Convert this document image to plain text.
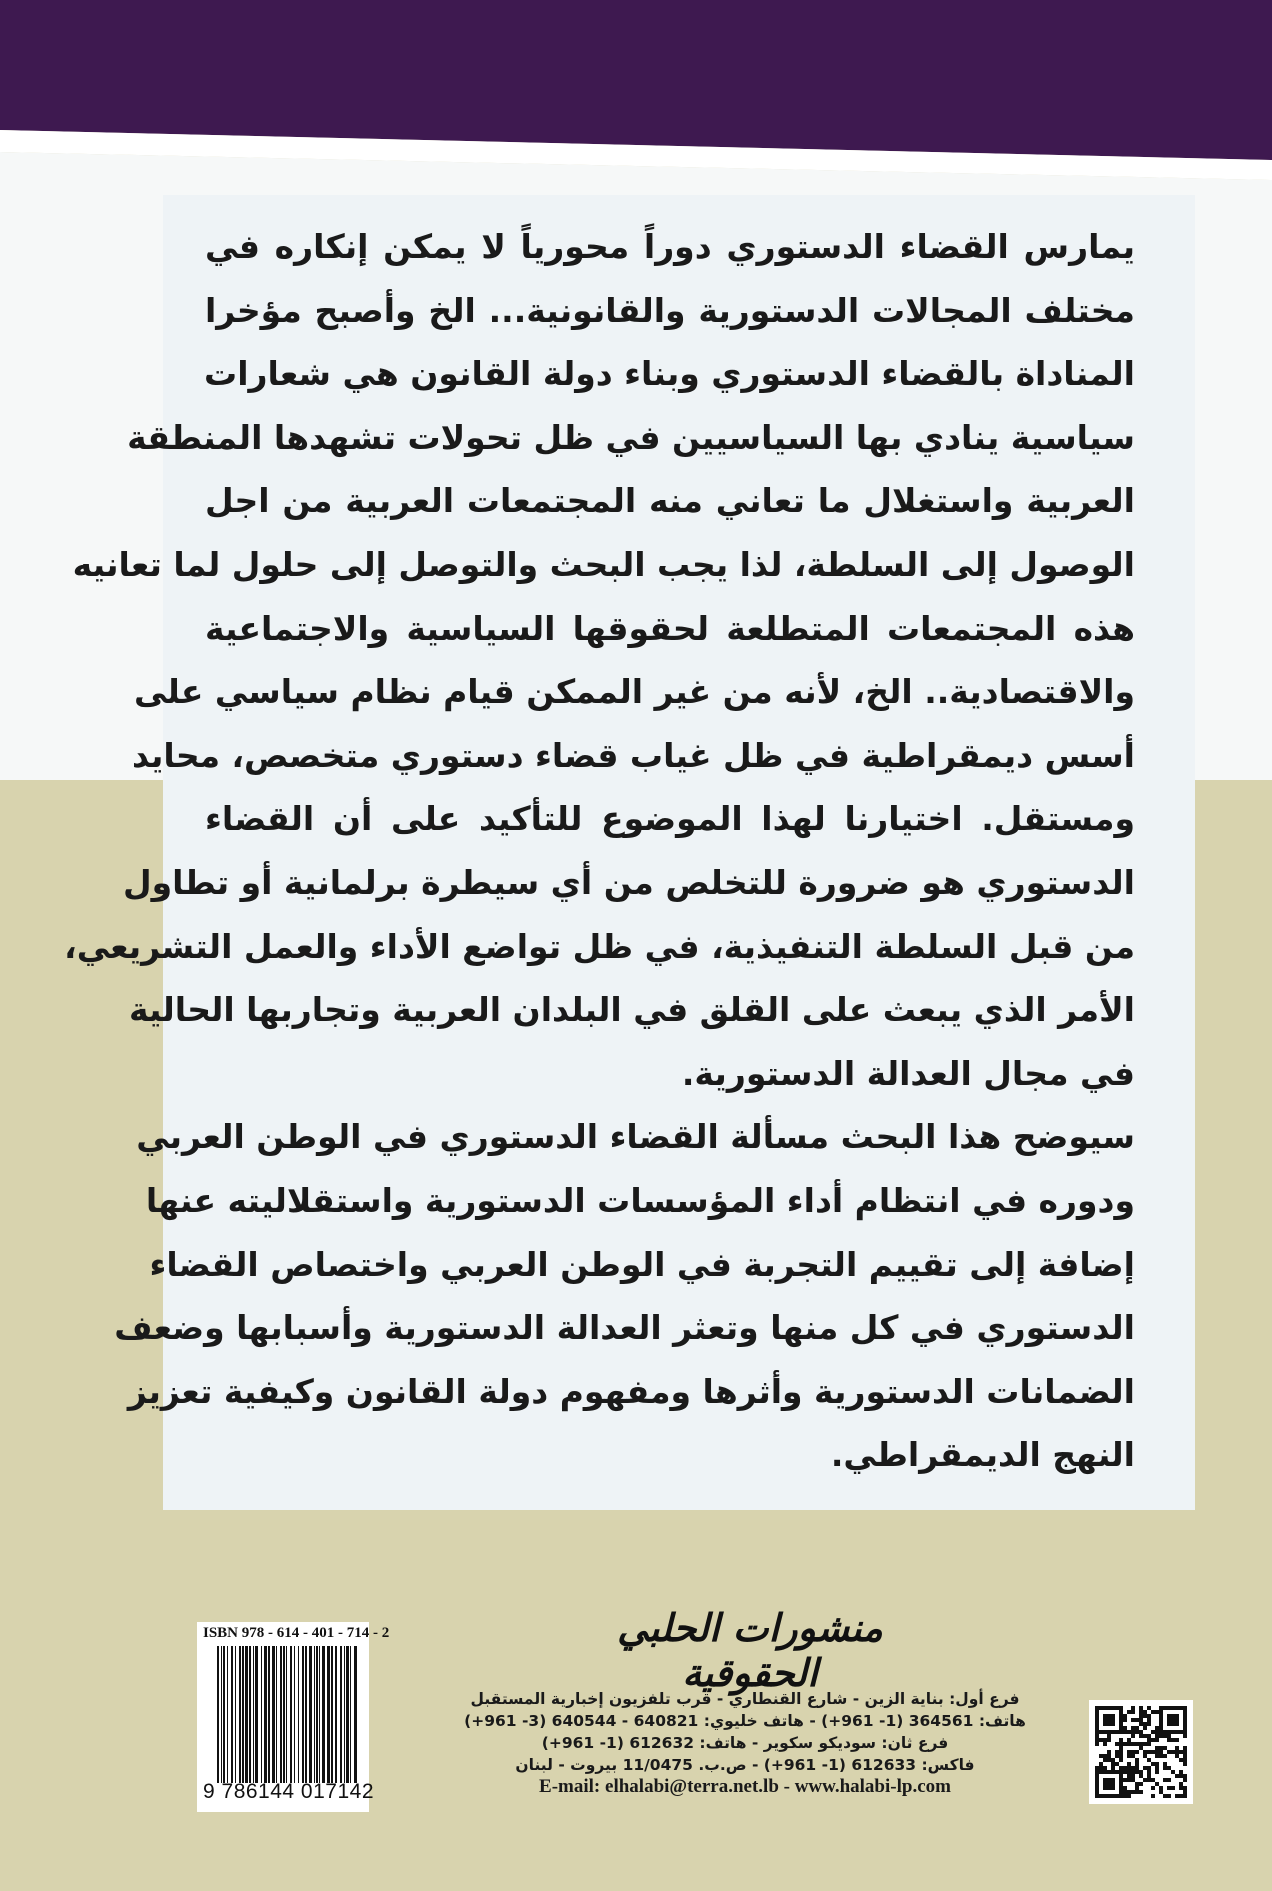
يمارس القضاء الدستوري دوراً محورياً لا يمكن إنكاره في
مختلف المجالات الدستورية والقانونية... الخ وأصبح مؤخرا
المناداة بالقضاء الدستوري وبناء دولة القانون هي شعارات
سياسية ينادي بها السياسيين في ظل تحولات تشهدها المنطقة
العربية واستغلال ما تعاني منه المجتمعات العربية من اجل
الوصول إلى السلطة، لذا يجب البحث والتوصل إلى حلول لما تعانيه
هذه المجتمعات المتطلعة لحقوقها السياسية والاجتماعية
والاقتصادية.. الخ، لأنه من غير الممكن قيام نظام سياسي على
أسس ديمقراطية في ظل غياب قضاء دستوري متخصص، محايد
ومستقل. اختيارنا لهذا الموضوع للتأكيد على أن القضاء
الدستوري هو ضرورة للتخلص من أي سيطرة برلمانية أو تطاول
من قبل السلطة التنفيذية، في ظل تواضع الأداء والعمل التشريعي،
الأمر الذي يبعث على القلق في البلدان العربية وتجاربها الحالية
في مجال العدالة الدستورية.
سيوضح هذا البحث مسألة القضاء الدستوري في الوطن العربي
ودوره في انتظام أداء المؤسسات الدستورية واستقلاليته عنها
إضافة إلى تقييم التجربة في الوطن العربي واختصاص القضاء
الدستوري في كل منها وتعثر العدالة الدستورية وأسبابها وضعف
الضمانات الدستورية وأثرها ومفهوم دولة القانون وكيفية تعزيز
النهج الديمقراطي.
ISBN 978 - 614 - 401 - 714 - 2
9 786144 017142
منشورات الحلبي الحقوقية
فرع أول: بناية الزين - شارع القنطاري - قرب تلفزيون إخبارية المستقبل
هاتف: 364561 (1- 961+) - هاتف خليوي: 640821 - 640544 (3- 961+)
فرع ثان: سوديكو سكوير - هاتف: 612632 (1- 961+)
فاكس: 612633 (1- 961+) - ص.ب. 11/0475 بيروت - لبنان
E-mail: elhalabi@terra.net.lb - www.halabi-lp.com
